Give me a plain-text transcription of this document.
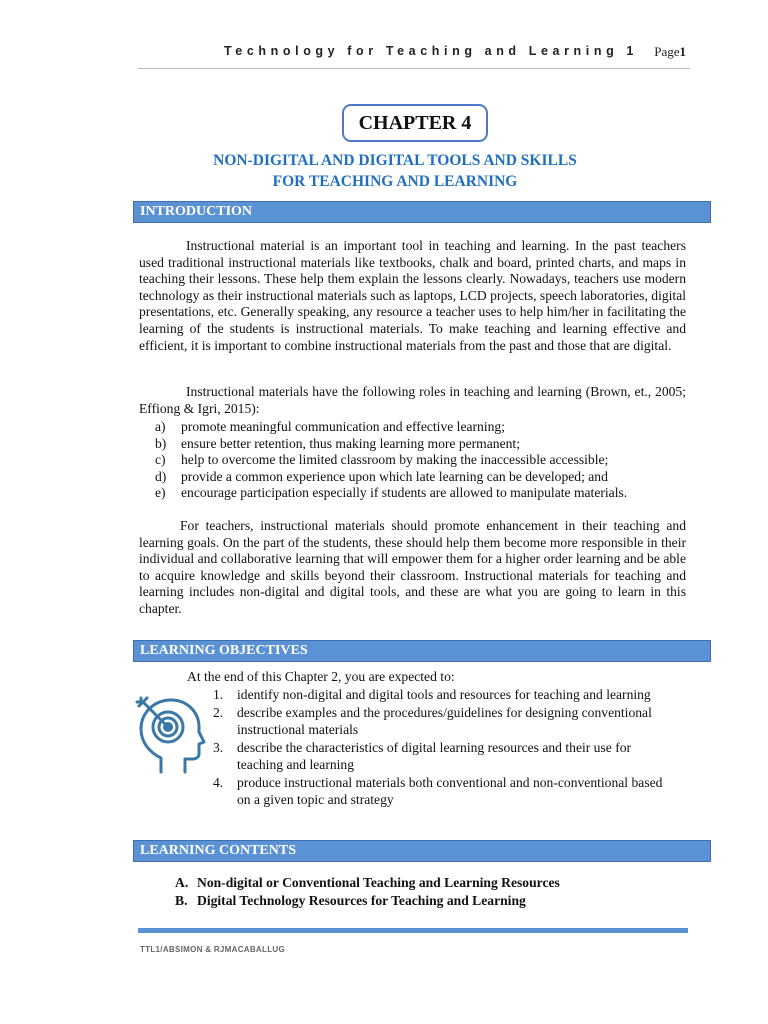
Technology for Teaching and Learning 1 Page1
CHAPTER 4
NON-DIGITAL AND DIGITAL TOOLS AND SKILLS
FOR TEACHING AND LEARNING
INTRODUCTION

Instructional material is an important tool in teaching and learning. In the past teachers used traditional instructional materials like textbooks, chalk and board, printed charts, and maps in teaching their lessons. These help them explain the lessons clearly. Nowadays, teachers use modern technology as their instructional materials such as laptops, LCD projects, speech laboratories, digital presentations, etc. Generally speaking, any resource a teacher uses to help him/her in facilitating the learning of the students is instructional materials. To make teaching and learning effective and efficient, it is important to combine instructional materials from the past and those that are digital.

Instructional materials have the following roles in teaching and learning (Brown, et., 2005; Effiong & Igri, 2015):

a)	promote meaningful communication and effective learning;
b)	ensure better retention, thus making learning more permanent;
c)	help to overcome the limited classroom by making the inaccessible accessible;
d)	provide a common experience upon which late learning can be developed; and
e)	encourage participation especially if students are allowed to manipulate materials.

For teachers, instructional materials should promote enhancement in their teaching and learning goals. On the part of the students, these should help them become more responsible in their individual and collaborative learning that will empower them for a higher order learning and be able to acquire knowledge and skills beyond their classroom. Instructional materials for teaching and learning includes non-digital and digital tools, and these are what you are going to learn in this chapter.

LEARNING OBJECTIVES
At the end of this Chapter 2, you are expected to:
1.	identify non-digital and digital tools and resources for teaching and learning
2.	describe examples and the procedures/guidelines for designing conventional instructional materials
3.	describe the characteristics of digital learning resources and their use for teaching and learning
4.	produce instructional materials both conventional and non-conventional based on a given topic and strategy
LEARNING CONTENTS
A. Non-digital or Conventional Teaching and Learning Resources
B. Digital Technology Resources for Teaching and Learning
TTL1/ABSIMON & RJMACABALLUG
